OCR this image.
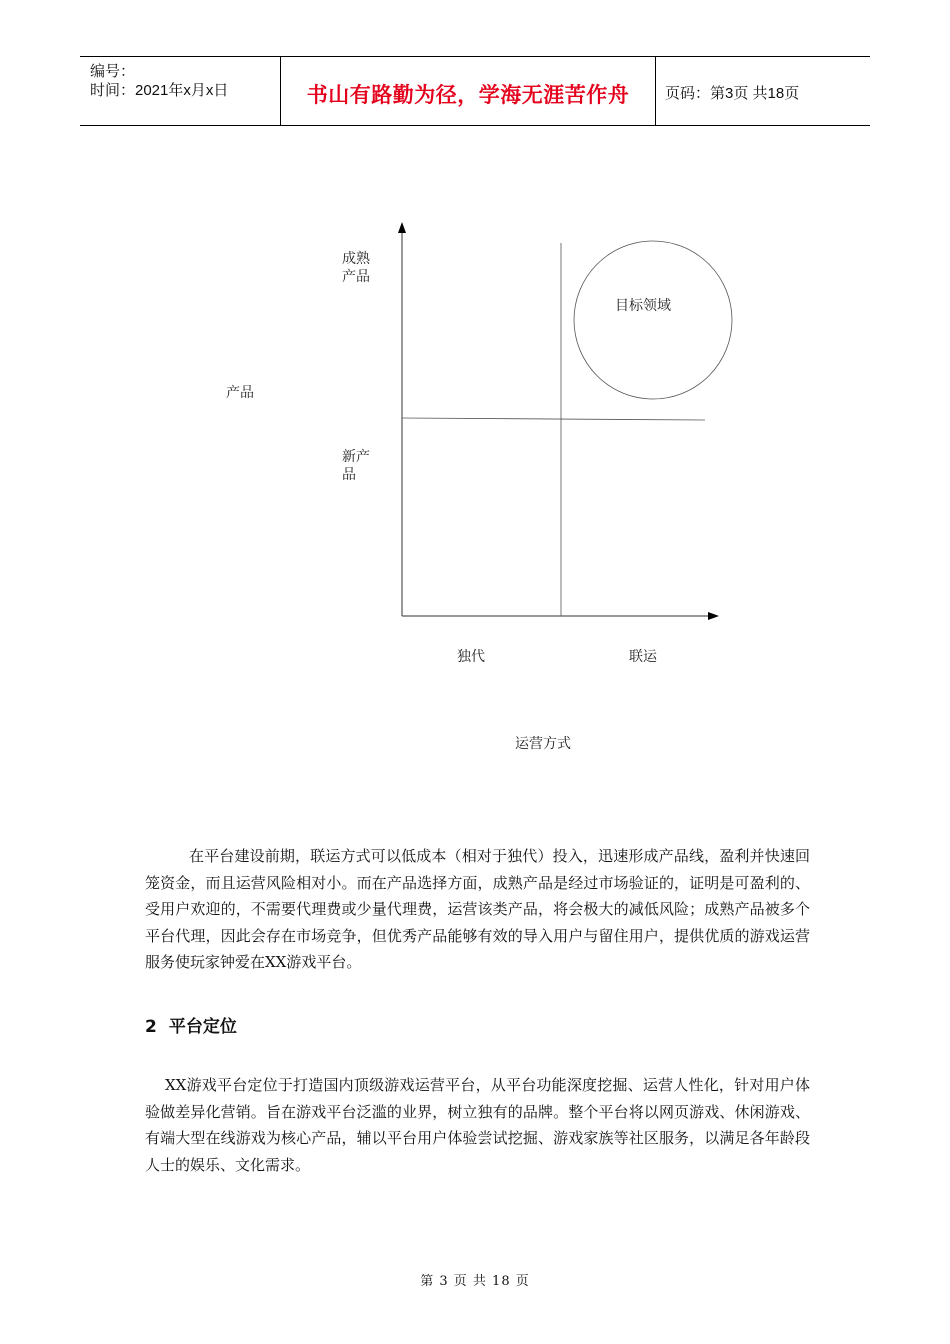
编号：
时间：2021年x月x日	书山有路勤为径，学海无涯苦作舟	页码：第3页 共18页
成熟产品
产品
新产品
目标领域
独代	联运
运营方式

在平台建设前期，联运方式可以低成本（相对于独代）投入，迅速形成产品线，盈利并快速回笼资金，而且运营风险相对小。而在产品选择方面，成熟产品是经过市场验证的，证明是可盈利的、受用户欢迎的，不需要代理费或少量代理费，运营该类产品，将会极大的减低风险；成熟产品被多个平台代理，因此会存在市场竞争，但优秀产品能够有效的导入用户与留住用户，提供优质的游戏运营服务使玩家钟爱在XX游戏平台。

2 平台定位

XX游戏平台定位于打造国内顶级游戏运营平台，从平台功能深度挖掘、运营人性化，针对用户体验做差异化营销。旨在游戏平台泛滥的业界，树立独有的品牌。整个平台将以网页游戏、休闲游戏、有端大型在线游戏为核心产品，辅以平台用户体验尝试挖掘、游戏家族等社区服务，以满足各年龄段人士的娱乐、文化需求。

第 3 页 共 18 页
